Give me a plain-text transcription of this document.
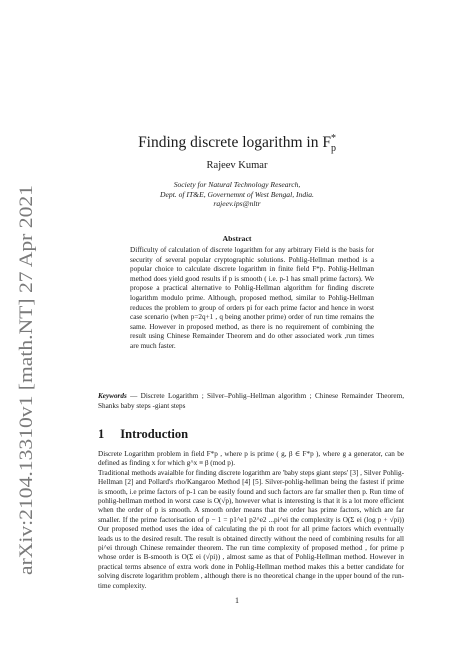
arXiv:2104.13310v1 [math.NT] 27 Apr 2021
Finding discrete logarithm in $F^*_p$
Rajeev Kumar
Society for Natural Technology Research,
Dept. of IT&E, Governemnt of West Bengal, India.
rajeev.ips@nltr
Abstract
Difficulty of calculation of discrete logarithm for any arbitrary Field is the basis for security of several popular cryptographic solutions. Pohlig-Hellman method is a popular choice to calculate discrete logarithm in finite field F*p. Pohlig-Hellman method does yield good results if p is smooth ( i.e. p-1 has small prime factors). We propose a practical alternative to Pohlig-Hellman algorithm for finding discrete logarithm modulo prime. Although, proposed method, similar to Pohlig-Hellman reduces the problem to group of orders pi for each prime factor and hence in worst case scenario (when p=2q+1 , q being another prime) order of run time remains the same. However in proposed method, as there is no requirement of combining the result using Chinese Remainder Theorem and do other associated work ,run times are much faster.
Keywords — Discrete Logarithm ; Silver–Pohlig–Hellman algorithm ; Chinese Remainder Theorem, Shanks baby steps -giant steps
1 Introduction

Discrete Logarithm problem in field F*p , where p is prime ( g, β ∈ F*p ), where g a generator, can be defined as finding x for which g^x ≡ β (mod p).

Traditional methods avaialble for finding discrete logarithm are 'baby steps giant steps' [3] , Silver Pohlig-Hellman [2] and Pollard's rho/Kangaroo Method [4] [5]. Silver-pohlig-hellman being the fastest if prime is smooth, i.e prime factors of p-1 can be easily found and such factors are far smaller then p. Run time of pohlig-hellman method in worst case is O(√p), however what is interesting is that it is a lot more efficient when the order of p is smooth. A smooth order means that the order has prime factors, which are far smaller. If the prime factorisation of p − 1 = p1^e1 p2^e2 ...pi^ei the complexity is O(Σ ei (log p + √pi)) Our proposed method uses the idea of calculating the pi th root for all prime factors which eventually leads us to the desired result. The result is obtained directly without the need of combining results for all pi^ei through Chinese remainder theorem. The run time complexity of proposed method , for prime p whose order is B-smooth is O(Σ ei (√pi)) , almost same as that of Pohlig-Hellman method. However in practical terms absence of extra work done in Pohlig-Hellman method makes this a better candidate for solving discrete logarithm problem , although there is no theoretical change in the upper bound of the run-time complexity.

1
